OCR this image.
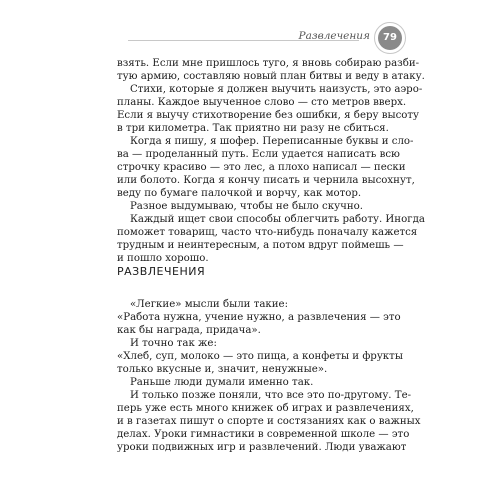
Развлечения	79
взять. Если мне пришлось туго, я вновь собираю разби-
тую армию, составляю новый план битвы и веду в атаку.
Стихи, которые я должен выучить наизусть, это аэро-
планы. Каждое выученное слово — сто метров вверх.
Если я выучу стихотворение без ошибки, я беру высоту
в три километра. Так приятно ни разу не сбиться.
Когда я пишу, я шофер. Переписанные буквы и сло-
ва — проделанный путь. Если удается написать всю
строчку красиво — это лес, а плохо написал — пески
или болото. Когда я кончу писать и чернила высохнут,
веду по бумаге палочкой и ворчу, как мотор.
Разное выдумываю, чтобы не было скучно.
Каждый ищет свои способы облегчить работу. Иногда
поможет товарищ, часто что-нибудь поначалу кажется
трудным и неинтересным, а потом вдруг поймешь —
и пошло хорошо.
РАЗВЛЕЧЕНИЯ
«Легкие» мысли были такие:
«Работа нужна, учение нужно, а развлечения — это
как бы награда, придача».
И точно так же:
«Хлеб, суп, молоко — это пища, а конфеты и фрукты
только вкусные и, значит, ненужные».
Раньше люди думали именно так.
И только позже поняли, что все это по-другому. Те-
перь уже есть много книжек об играх и развлечениях,
и в газетах пишут о спорте и состязаниях как о важных
делах. Уроки гимнастики в современной школе — это
уроки подвижных игр и развлечений. Люди уважают
